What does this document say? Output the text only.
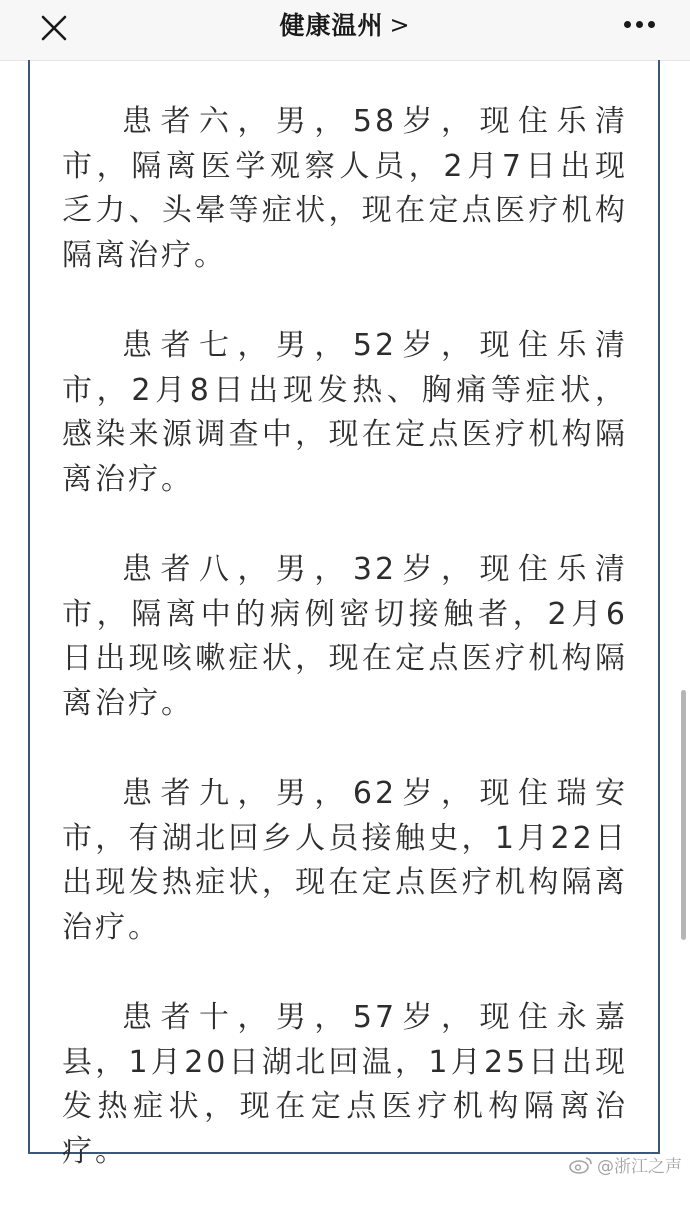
健康温州 >

患者六，男，58岁，现住乐清市，隔离医学观察人员，2月7日出现乏力、头晕等症状，现在定点医疗机构隔离治疗。

患者七，男，52岁，现住乐清市，2月8日出现发热、胸痛等症状，感染来源调查中，现在定点医疗机构隔离治疗。

患者八，男，32岁，现住乐清市，隔离中的病例密切接触者，2月6日出现咳嗽症状，现在定点医疗机构隔离治疗。

患者九，男，62岁，现住瑞安市，有湖北回乡人员接触史，1月22日出现发热症状，现在定点医疗机构隔离治疗。

患者十，男，57岁，现住永嘉县，1月20日湖北回温，1月25日出现发热症状，现在定点医疗机构隔离治疗。

@浙江之声
